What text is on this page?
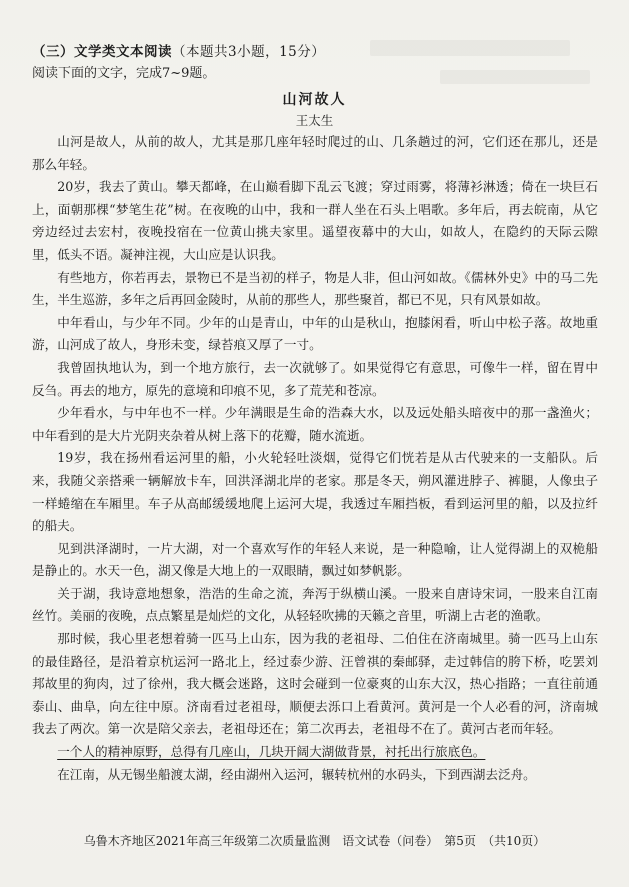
（三）文学类文本阅读（本题共3小题，15分）
阅读下面的文字，完成7~9题。
山河故人
王太生

山河是故人，从前的故人，尤其是那几座年轻时爬过的山、几条趟过的河，它们还在那儿，还是那么年轻。

20岁，我去了黄山。攀天都峰，在山巅看脚下乱云飞渡；穿过雨雾，将薄衫淋透；倚在一块巨石上，面朝那棵“梦笔生花”树。在夜晚的山中，我和一群人坐在石头上唱歌。多年后，再去皖南，从它旁边经过去宏村，夜晚投宿在一位黄山挑夫家里。遥望夜幕中的大山，如故人，在隐约的天际云隙里，低头不语。凝神注视，大山应是认识我。

有些地方，你若再去，景物已不是当初的样子，物是人非，但山河如故。《儒林外史》中的马二先生，半生巡游，多年之后再回金陵时，从前的那些人，那些聚首，都已不见，只有风景如故。

中年看山，与少年不同。少年的山是青山，中年的山是秋山，抱膝闲看，听山中松子落。故地重游，山河成了故人，身形未变，绿苔痕又厚了一寸。

我曾固执地认为，到一个地方旅行，去一次就够了。如果觉得它有意思，可像牛一样，留在胃中反刍。再去的地方，原先的意境和印痕不见，多了荒芜和苍凉。

少年看水，与中年也不一样。少年满眼是生命的浩森大水，以及远处船头暗夜中的那一盏渔火；中年看到的是大片光阴夹杂着从树上落下的花瓣，随水流逝。

19岁，我在扬州看运河里的船，小火轮轻吐淡烟，觉得它们恍若是从古代驶来的一支船队。后来，我随父亲搭乘一辆解放卡车，回洪泽湖北岸的老家。那是冬天，朔风灌进脖子、裤腿，人像虫子一样蜷缩在车厢里。车子从高邮缓缓地爬上运河大堤，我透过车厢挡板，看到运河里的船，以及拉纤的船夫。

见到洪泽湖时，一片大湖，对一个喜欢写作的年轻人来说，是一种隐喻，让人觉得湖上的双桅船是静止的。水天一色，湖又像是大地上的一双眼睛，飘过如梦帆影。

关于湖，我诗意地想象，浩浩的生命之流，奔泻于纵横山溪。一股来自唐诗宋词，一股来自江南丝竹。美丽的夜晚，点点繁星是灿烂的文化，从轻轻吹拂的天籁之音里，听湖上古老的渔歌。

那时候，我心里老想着骑一匹马上山东，因为我的老祖母、二伯住在济南城里。骑一匹马上山东的最佳路径，是沿着京杭运河一路北上，经过泰少游、汪曾祺的秦邮驿，走过韩信的胯下桥，吃罢刘邦故里的狗肉，过了徐州，我大概会迷路，这时会碰到一位豪爽的山东大汉，热心指路；一直往前通泰山、曲阜，向左往中原。济南看过老祖母，顺便去泺口上看黄河。黄河是一个人必看的河，济南城我去了两次。第一次是陪父亲去，老祖母还在；第二次再去，老祖母不在了。黄河古老而年轻。

一个人的精神原野，总得有几座山，几块开阔大湖做背景，衬托出行旅底色。

在江南，从无锡坐船渡太湖，经由湖州入运河，辗转杭州的水码头，下到西湖去泛舟。

乌鲁木齐地区2021年高三年级第二次质量监测　语文试卷（问卷）　第5页　（共10页）
